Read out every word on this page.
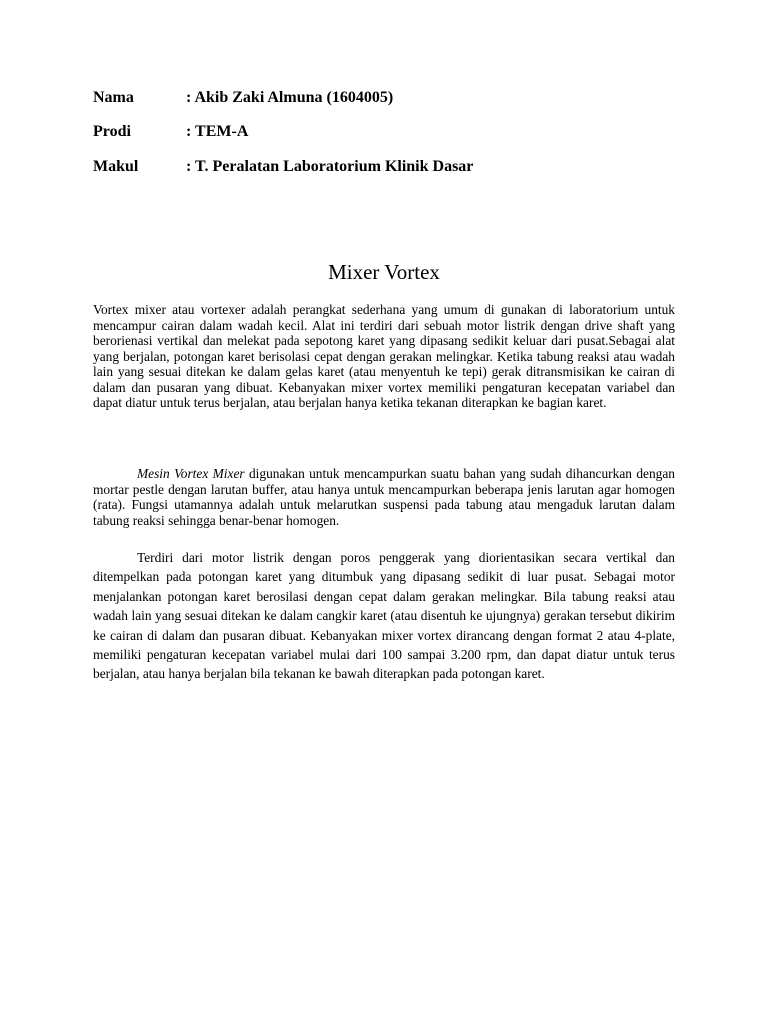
Nama	: Akib Zaki Almuna (1604005)
Prodi	: TEM-A
Makul	: T. Peralatan Laboratorium Klinik Dasar
Mixer Vortex

Vortex mixer atau vortexer adalah perangkat sederhana yang umum di gunakan di laboratorium untuk mencampur cairan dalam wadah kecil. Alat ini terdiri dari sebuah motor listrik dengan drive shaft yang berorienasi vertikal dan melekat pada sepotong karet yang dipasang sedikit keluar dari pusat.Sebagai alat yang berjalan, potongan karet berisolasi cepat dengan gerakan melingkar. Ketika tabung reaksi atau wadah lain yang sesuai ditekan ke dalam gelas karet (atau menyentuh ke tepi) gerak ditransmisikan ke cairan di dalam dan pusaran yang dibuat. Kebanyakan mixer vortex memiliki pengaturan kecepatan variabel dan dapat diatur untuk terus berjalan, atau berjalan hanya ketika tekanan diterapkan ke bagian karet.

Mesin Vortex Mixer digunakan untuk mencampurkan suatu bahan yang sudah dihancurkan dengan mortar pestle dengan larutan buffer, atau hanya untuk mencampurkan beberapa jenis larutan agar homogen (rata). Fungsi utamannya adalah untuk melarutkan suspensi pada tabung atau mengaduk larutan dalam tabung reaksi sehingga benar-benar homogen.

Terdiri dari motor listrik dengan poros penggerak yang diorientasikan secara vertikal dan ditempelkan pada potongan karet yang ditumbuk yang dipasang sedikit di luar pusat. Sebagai motor menjalankan potongan karet berosilasi dengan cepat dalam gerakan melingkar. Bila tabung reaksi atau wadah lain yang sesuai ditekan ke dalam cangkir karet (atau disentuh ke ujungnya) gerakan tersebut dikirim ke cairan di dalam dan pusaran dibuat. Kebanyakan mixer vortex dirancang dengan format 2 atau 4-plate, memiliki pengaturan kecepatan variabel mulai dari 100 sampai 3.200 rpm, dan dapat diatur untuk terus berjalan, atau hanya berjalan bila tekanan ke bawah diterapkan pada potongan karet.
